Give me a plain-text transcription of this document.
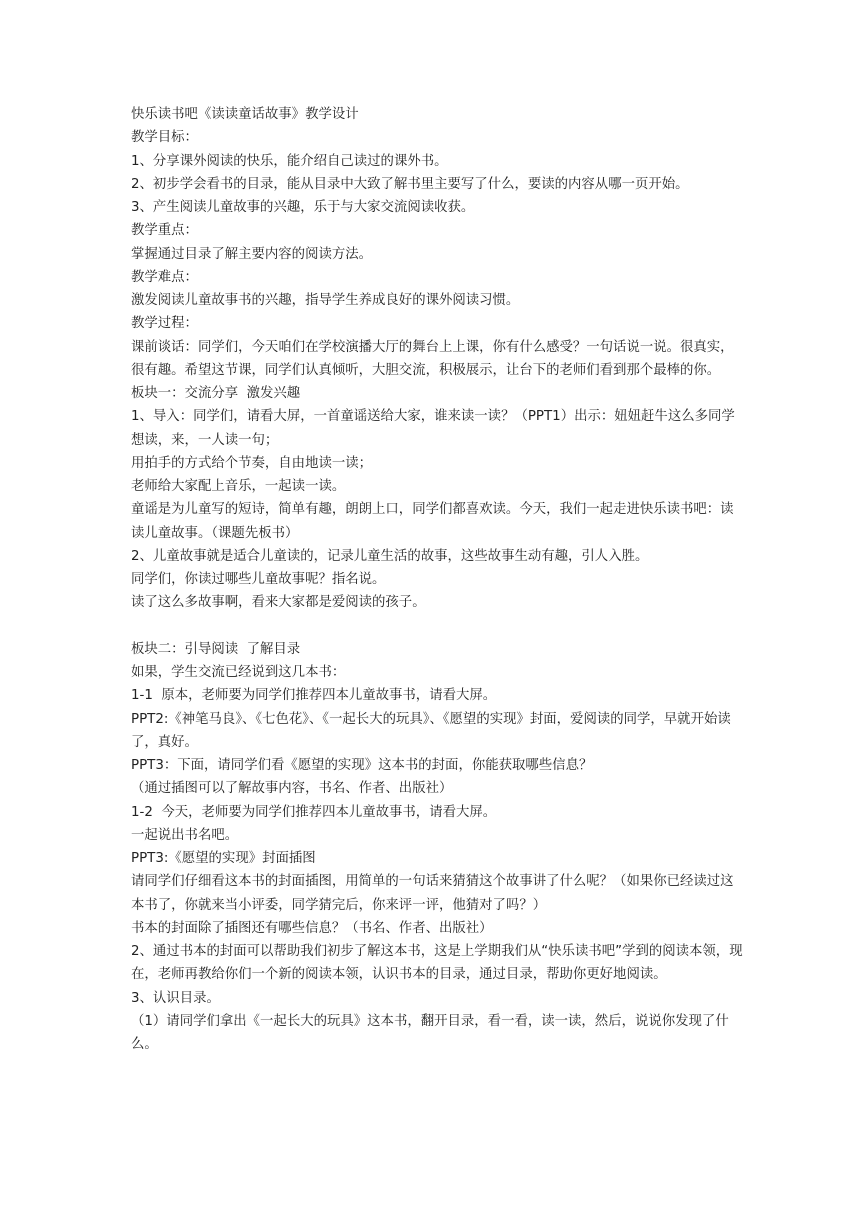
快乐读书吧《读读童话故事》教学设计

教学目标：

1、分享课外阅读的快乐，能介绍自己读过的课外书。

2、初步学会看书的目录，能从目录中大致了解书里主要写了什么，要读的内容从哪一页开始。

3、产生阅读儿童故事的兴趣，乐于与大家交流阅读收获。

教学重点：

掌握通过目录了解主要内容的阅读方法。

教学难点：

激发阅读儿童故事书的兴趣，指导学生养成良好的课外阅读习惯。

教学过程：

课前谈话：同学们，今天咱们在学校演播大厅的舞台上上课，你有什么感受？一句话说一说。很真实，很有趣。希望这节课，同学们认真倾听，大胆交流，积极展示，让台下的老师们看到那个最棒的你。

板块一：交流分享  激发兴趣

1、导入：同学们，请看大屏，一首童谣送给大家，谁来读一读？（PPT1）出示：妞妞赶牛这么多同学想读，来，一人读一句；

用拍手的方式给个节奏，自由地读一读；

老师给大家配上音乐，一起读一读。

童谣是为儿童写的短诗，简单有趣，朗朗上口，同学们都喜欢读。今天，我们一起走进快乐读书吧：读读儿童故事。（课题先板书）

2、儿童故事就是适合儿童读的，记录儿童生活的故事，这些故事生动有趣，引人入胜。

同学们，你读过哪些儿童故事呢？指名说。

读了这么多故事啊，看来大家都是爱阅读的孩子。

板块二：引导阅读  了解目录

如果，学生交流已经说到这几本书：

1-1  原本，老师要为同学们推荐四本儿童故事书，请看大屏。

PPT2:《神笔马良》、《七色花》、《一起长大的玩具》、《愿望的实现》封面，爱阅读的同学，早就开始读了，真好。

PPT3：下面，请同学们看《愿望的实现》这本书的封面，你能获取哪些信息？

（通过插图可以了解故事内容，书名、作者、出版社）

1-2  今天，老师要为同学们推荐四本儿童故事书，请看大屏。

一起说出书名吧。

PPT3:《愿望的实现》封面插图

请同学们仔细看这本书的封面插图，用简单的一句话来猜猜这个故事讲了什么呢？（如果你已经读过这本书了，你就来当小评委，同学猜完后，你来评一评，他猜对了吗？）

书本的封面除了插图还有哪些信息？（书名、作者、出版社）

2、通过书本的封面可以帮助我们初步了解这本书，这是上学期我们从“快乐读书吧”学到的阅读本领，现在，老师再教给你们一个新的阅读本领，认识书本的目录，通过目录，帮助你更好地阅读。

3、认识目录。

（1）请同学们拿出《一起长大的玩具》这本书，翻开目录，看一看，读一读，然后，说说你发现了什么。
